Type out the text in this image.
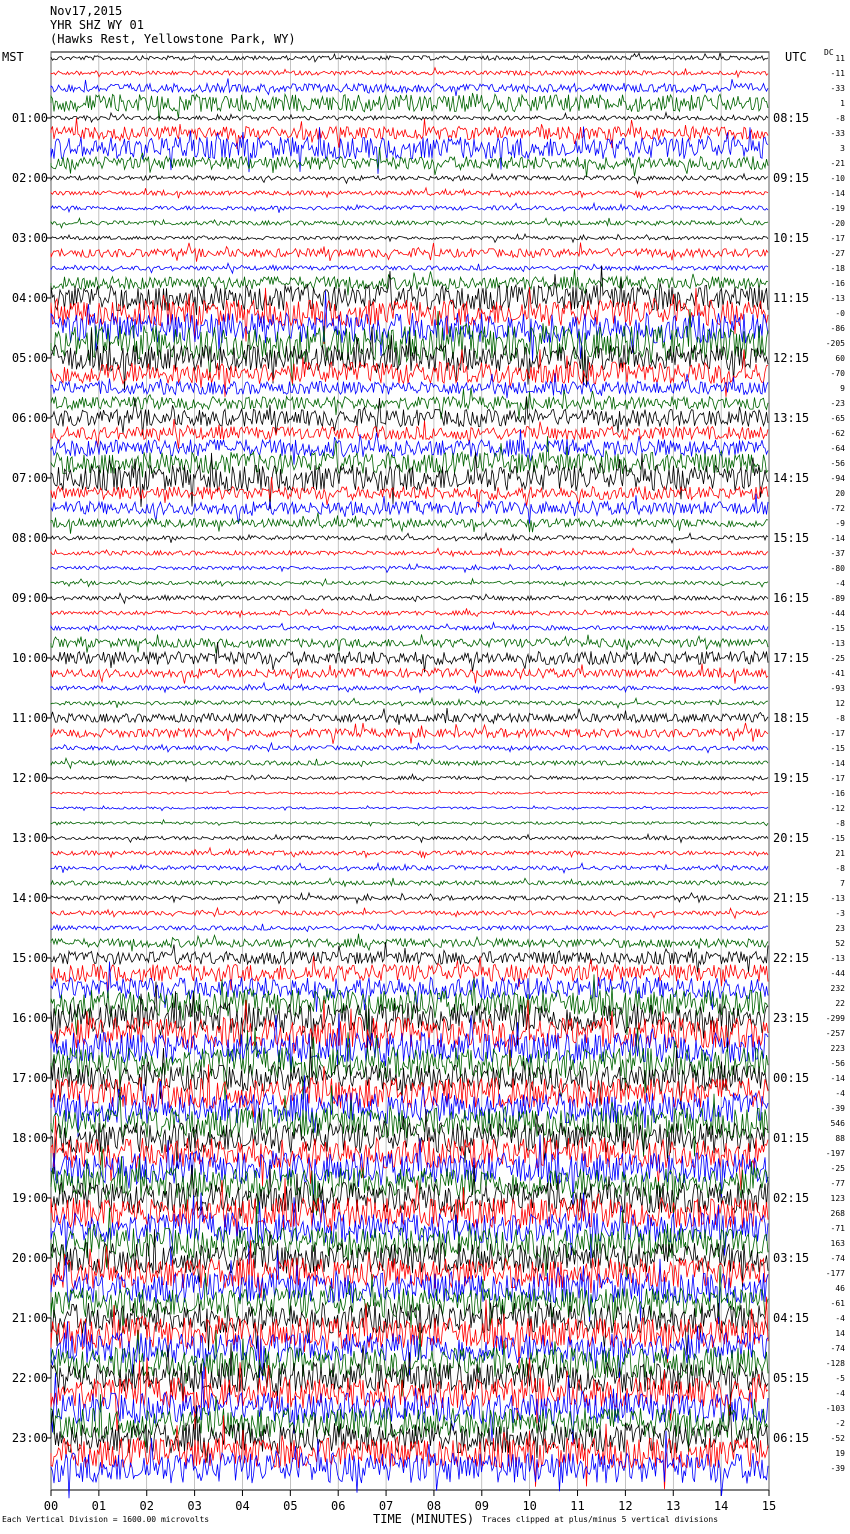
Nov17,2015
YHR SHZ WY 01
(Hawks Rest, Yellowstone Park, WY)
MST	UTC DC
00	01	02	03	04	05	06	07	08	09	10	11	12	13	14	15
11
-11
-33
1
-8
-33
3
-21
-10
-14
-19
-20
-17
-27
-18
-16
-13
-0
-86
-205
60
-70
9
-23
-65
-62
-64
-56
-94
20
-72
-9
-14
-37
-80
-4
-89
-44
-15
-13
-25
-41
-93
12
-8
-17
-15
-14
-17
-16
-12
-8
-15
21
-8
7
-13
-3
23
52
-13
-44
232
22
-299
-257
223
-56
-14
-4
-39
546
88
-197
-25
-77
123
268
-71
163
-74
-177
46
-61
-4
14
-74
-128
-5
-4
-103
-2
-52
19
-39
01:00
02:00
03:00
04:00
05:00
06:00
07:00
08:00
09:00
10:00
11:00
12:00
13:00
14:00
15:00
16:00
17:00
18:00
19:00
20:00
21:00
22:00
23:00
08:15
09:15
10:15
11:15
12:15
13:15
14:15
15:15
16:15
17:15
18:15
19:15
20:15
21:15
22:15
23:15
00:15
01:15
02:15
03:15
04:15
05:15
06:15
Each Vertical Division = 1600.00 microvolts	TIME (MINUTES) Traces clipped at plus/minus 5 vertical divisions
